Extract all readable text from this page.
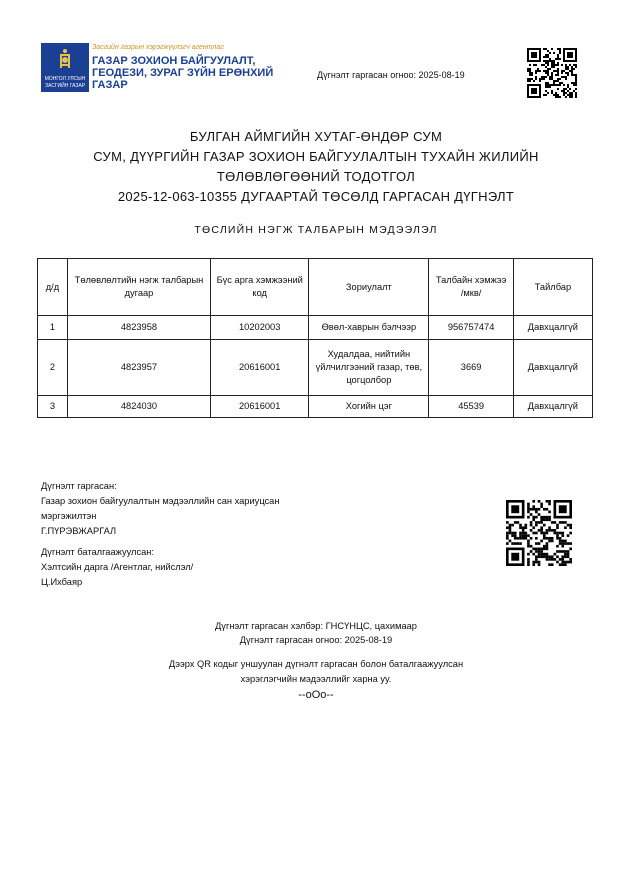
МОНГОЛ УЛСЫН
ЗАСГИЙН ГАЗАР
Засгийн газрын хэрэгжүүлэгч агентлаг
ГАЗАР ЗОХИОН БАЙГУУЛАЛТ,
ГЕОДЕЗИ, ЗУРАГ ЗҮЙН ЕРӨНХИЙ ГАЗАР
Дүгнэлт гаргасан огноо: 2025-08-19
БУЛГАН АЙМГИЙН ХУТАГ-ӨНДӨР СУМ
СУМ, ДҮҮРГИЙН ГАЗАР ЗОХИОН БАЙГУУЛАЛТЫН ТУХАЙН ЖИЛИЙН
ТӨЛӨВЛӨГӨӨНИЙ ТОДОТГОЛ
2025-12-063-10355 ДУГААРТАЙ ТӨСӨЛД ГАРГАСАН ДҮГНЭЛТ
ТӨСЛИЙН НЭГЖ ТАЛБАРЫН МЭДЭЭЛЭЛ
д/д	Төлөвлөлтийн нэгж талбарын дугаар	Бүс арга хэмжээний код	Зориулалт	Талбайн хэмжээ /мкв/	Тайлбар
1	4823958	10202003	Өвөл-хаврын бэлчээр	956757474	Давхцалгүй
2	4823957	20616001	Худалдаа, нийтийн үйлчилгээний газар, төв, цогцолбор	3669	Давхцалгүй
3	4824030	20616001	Хогийн цэг	45539	Давхцалгүй
Дүгнэлт гаргасан:
Газар зохион байгуулалтын мэдээллийн сан хариуцсан
мэргэжилтэн
Г.ПҮРЭВЖАРГАЛ
Дүгнэлт баталгаажуулсан:
Хэлтсийн дарга /Агентлаг, нийслэл/
Ц.Ихбаяр
Дүгнэлт гаргасан хэлбэр: ГНСҮНЦС, цахимаар
Дүгнэлт гаргасан огноо: 2025-08-19
Дээрх QR кодыг уншуулан дүгнэлт гаргасан болон баталгаажуулсан
хэрэглэгчийн мэдээллийг харна уу.
--oOo--
